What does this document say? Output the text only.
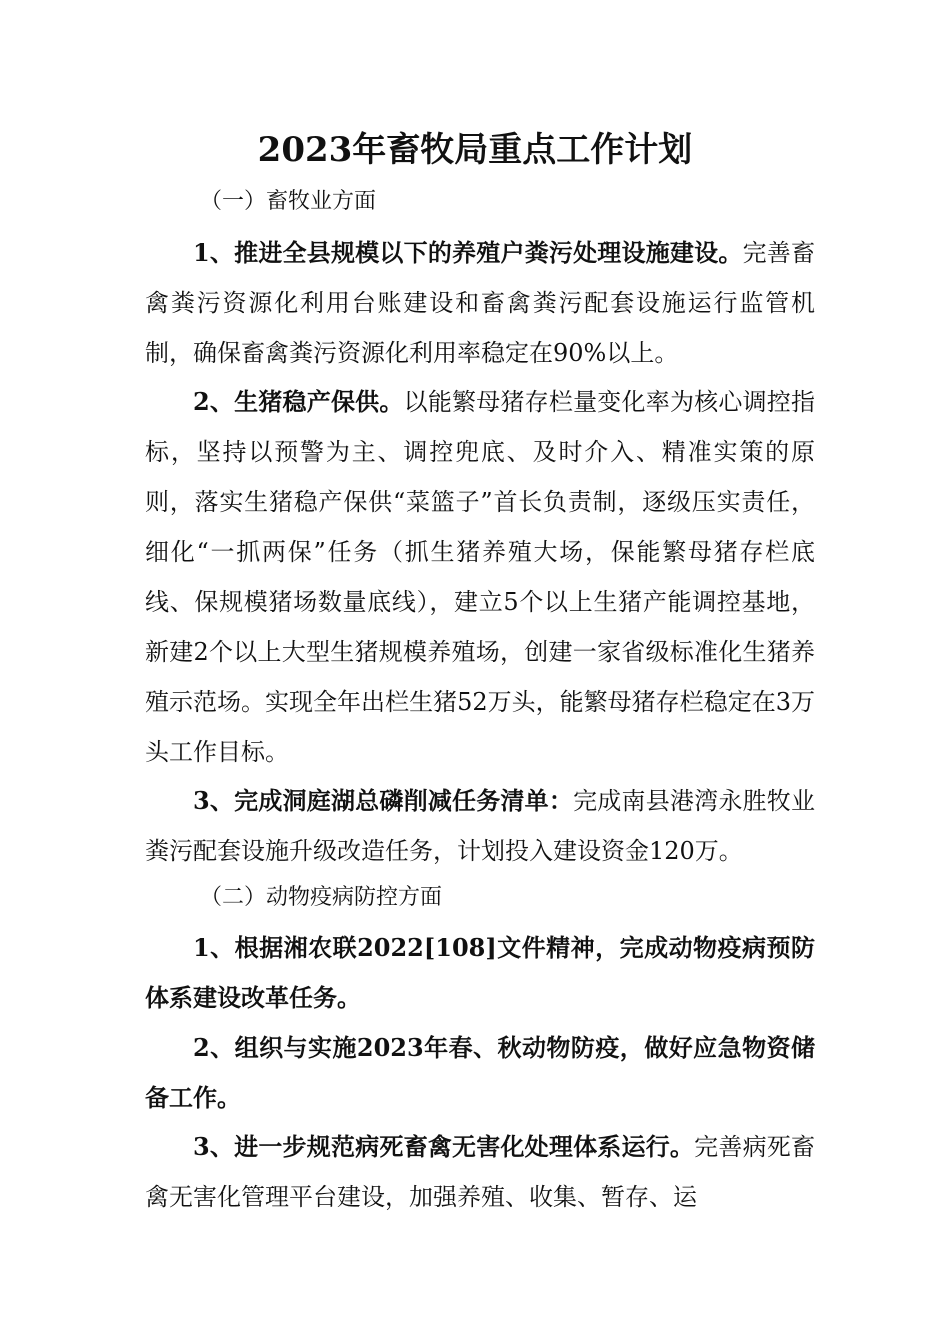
2023年畜牧局重点工作计划
（一）畜牧业方面
1、推进全县规模以下的养殖户粪污处理设施建设。完善畜禽粪污资源化利用台账建设和畜禽粪污配套设施运行监管机制，确保畜禽粪污资源化利用率稳定在90%以上。
2、生猪稳产保供。以能繁母猪存栏量变化率为核心调控指标，坚持以预警为主、调控兜底、及时介入、精准实策的原则，落实生猪稳产保供“菜篮子”首长负责制，逐级压实责任，细化“一抓两保”任务（抓生猪养殖大场，保能繁母猪存栏底线、保规模猪场数量底线），建立5个以上生猪产能调控基地，新建2个以上大型生猪规模养殖场，创建一家省级标准化生猪养殖示范场。实现全年出栏生猪52万头，能繁母猪存栏稳定在3万头工作目标。
3、完成洞庭湖总磷削减任务清单：完成南县港湾永胜牧业粪污配套设施升级改造任务，计划投入建设资金120万。
（二）动物疫病防控方面
1、根据湘农联2022[108]文件精神，完成动物疫病预防体系建设改革任务。
2、组织与实施2023年春、秋动物防疫，做好应急物资储备工作。
3、进一步规范病死畜禽无害化处理体系运行。完善病死畜禽无害化管理平台建设，加强养殖、收集、暂存、运
